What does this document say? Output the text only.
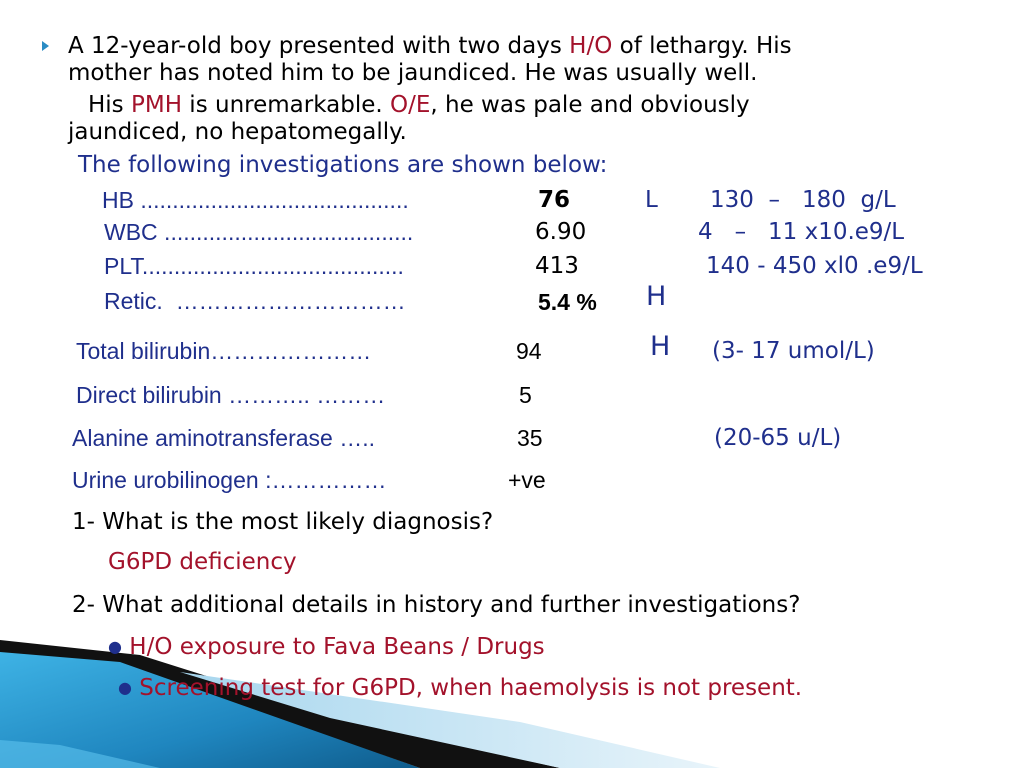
A 12-year-old boy presented with two days H/O of lethargy. His
mother has noted him to be jaundiced. He was usually well.
His PMH is unremarkable. O/E, he was pale and obviously
jaundiced, no hepatomegally.
The following investigations are shown below:
HB ..........................................	76	L 130  –   180  g/L
WBC .......................................	6.90	4   –   11 x10.e9/L
PLT.........................................	413	140 - 450 xl0 .e9/L
Retic.  …………………………	5.4 % H
Total bilirubin…………………	94	H (3- 17 umol/L)
Direct bilirubin ……….. ………	5
Alanine aminotransferase …..	35	(20-65 u/L)
Urine urobilinogen :……………	+ve
1- What is the most likely diagnosis?
G6PD deficiency
2- What additional details in history and further investigations?
● H/O exposure to Fava Beans / Drugs
● Screening test for G6PD, when haemolysis is not present.
